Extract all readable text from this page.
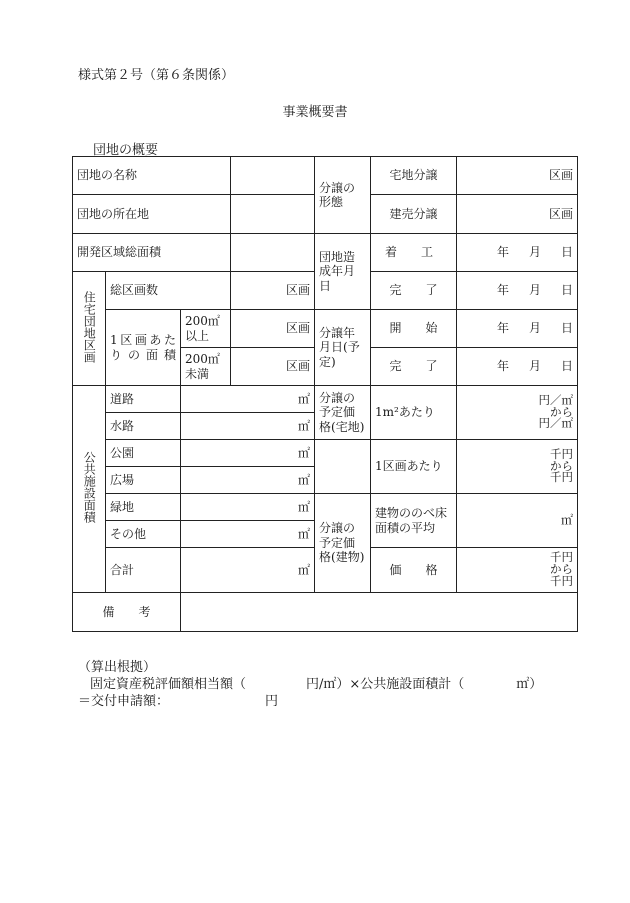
様式第２号（第６条関係）
事業概要書
団地の概要
団地の名称				分譲の形態	宅地分譲	区画
団地の所在地					建売分譲	区画
開発区域総面積				団地造成年月日	着　　工	年 月 日

住宅団地区画	総区画数		区画		完　　了	年 月 日

	1区画あたりの面積	200㎡以上	区画	分譲年月日(予定)	開　　始	年 月 日

		200㎡未満	区画		完　　了	年 月 日

公共施設面積	道路	㎡		分譲の予定価格(宅地)	1m²あたり	円／㎡
から
円／㎡

	水路	㎡				
	公園	㎡			1区画あたり	千円
から
千円

	広場	㎡				
	緑地	㎡		分譲の予定価格(建物)	建物ののべ床面積の平均	㎡
	その他	㎡				
	合計	㎡			価　　格	千円
から
千円

備　　考						
（算出根拠）
固定資産税評価額相当額（	円/㎡）×公共施設面積計（	㎡）
＝交付申請額：	円
